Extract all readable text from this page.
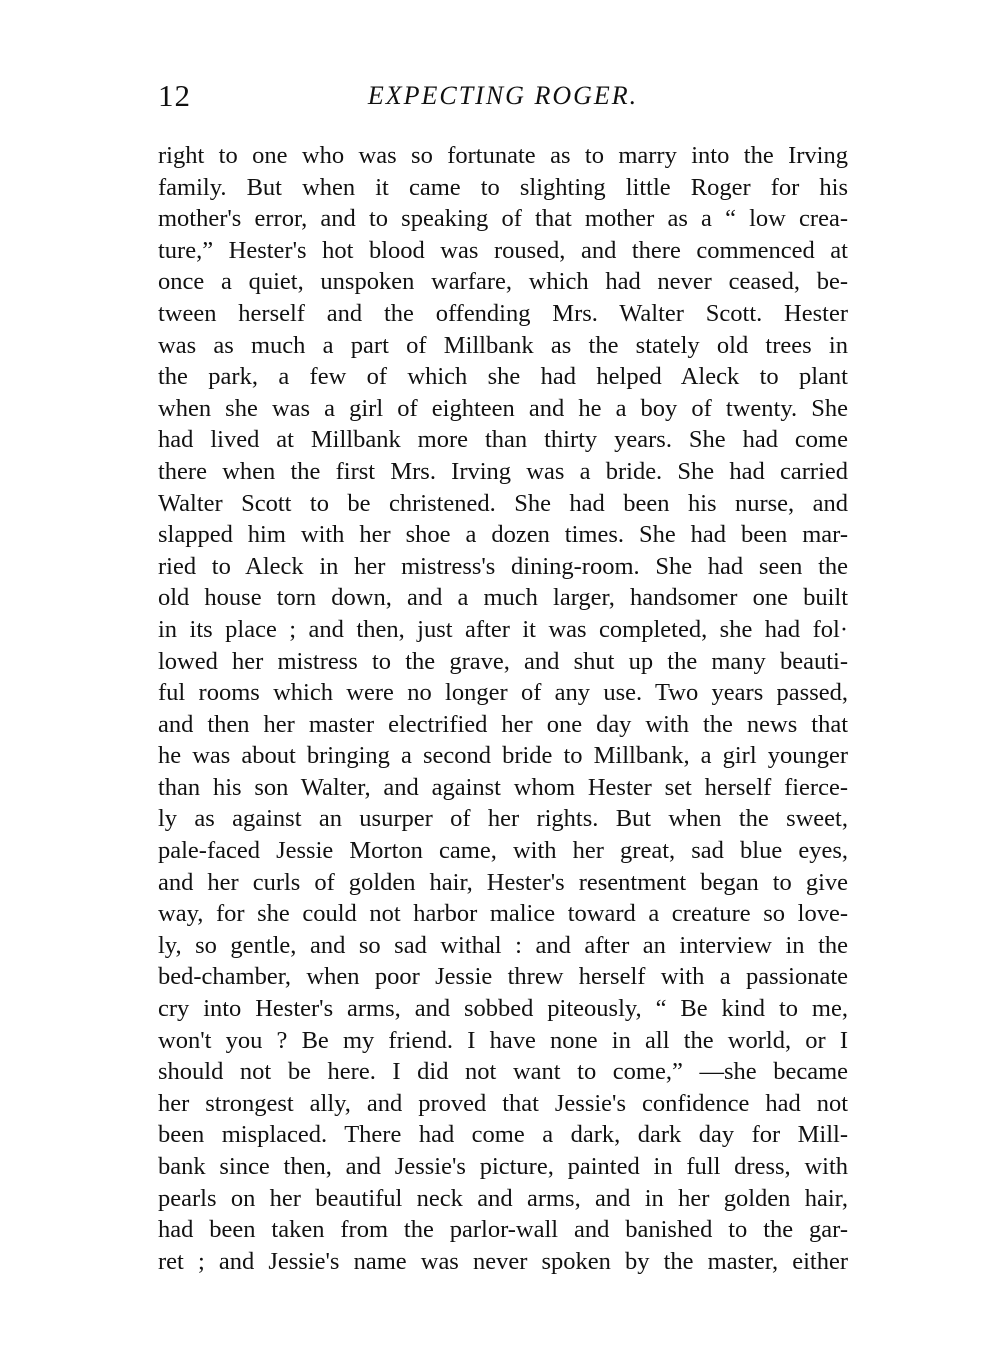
12	EXPECTING ROGER.
right to one who was so fortunate as to marry into the Irving
family. But when it came to slighting little Roger for his
mother's error, and to speaking of that mother as a “ low crea-
ture,” Hester's hot blood was roused, and there commenced at
once a quiet, unspoken warfare, which had never ceased, be-
tween herself and the offending Mrs. Walter Scott. Hester
was as much a part of Millbank as the stately old trees in
the park, a few of which she had helped Aleck to plant
when she was a girl of eighteen and he a boy of twenty. She
had lived at Millbank more than thirty years. She had come
there when the first Mrs. Irving was a bride. She had carried
Walter Scott to be christened. She had been his nurse, and
slapped him with her shoe a dozen times. She had been mar-
ried to Aleck in her mistress's dining-room. She had seen the
old house torn down, and a much larger, handsomer one built
in its place ; and then, just after it was completed, she had fol·
lowed her mistress to the grave, and shut up the many beauti-
ful rooms which were no longer of any use. Two years passed,
and then her master electrified her one day with the news that
he was about bringing a second bride to Millbank, a girl younger
than his son Walter, and against whom Hester set herself fierce-
ly as against an usurper of her rights. But when the sweet,
pale-faced Jessie Morton came, with her great, sad blue eyes,
and her curls of golden hair, Hester's resentment began to give
way, for she could not harbor malice toward a creature so love-
ly, so gentle, and so sad withal : and after an interview in the
bed-chamber, when poor Jessie threw herself with a passionate
cry into Hester's arms, and sobbed piteously, “ Be kind to me,
won't you ? Be my friend. I have none in all the world, or I
should not be here. I did not want to come,” —she became
her strongest ally, and proved that Jessie's confidence had not
been misplaced. There had come a dark, dark day for Mill-
bank since then, and Jessie's picture, painted in full dress, with
pearls on her beautiful neck and arms, and in her golden hair,
had been taken from the parlor-wall and banished to the gar-
ret ; and Jessie's name was never spoken by the master, either
